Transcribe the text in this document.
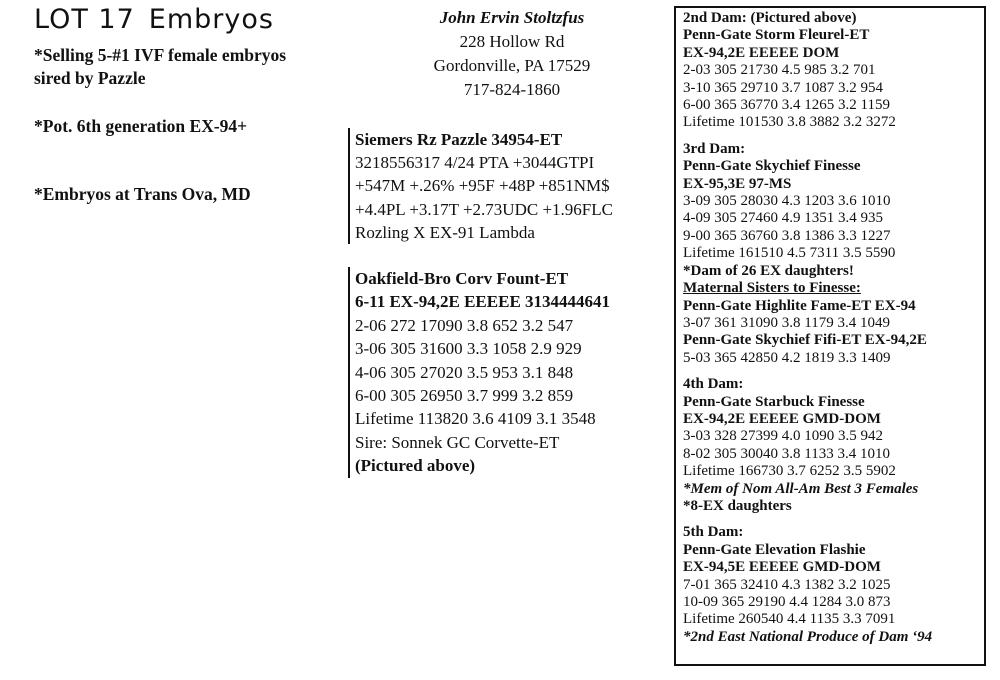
LOT 17 Embryos
*Selling 5-#1 IVF female embryos
sired by Pazzle
*Pot. 6th generation EX-94+
*Embryos at Trans Ova, MD
John Ervin Stoltzfus
228 Hollow Rd
Gordonville, PA 17529
717-824-1860
Siemers Rz Pazzle 34954-ET
3218556317 4/24 PTA +3044GTPI
+547M +.26% +95F +48P +851NM$
+4.4PL +3.17T +2.73UDC +1.96FLC
Rozling X EX-91 Lambda
Oakfield-Bro Corv Fount-ET
6-11 EX-94,2E EEEEE 3134444641
2-06 272 17090 3.8 652 3.2 547
3-06 305 31600 3.3 1058 2.9 929
4-06 305 27020 3.5 953 3.1 848
6-00 305 26950 3.7 999 3.2 859
Lifetime 113820 3.6 4109 3.1 3548
Sire: Sonnek GC Corvette-ET
(Pictured above)
2nd Dam: (Pictured above)
Penn-Gate Storm Fleurel-ET
EX-94,2E EEEEE DOM
2-03 305 21730 4.5 985 3.2 701
3-10 365 29710 3.7 1087 3.2 954
6-00 365 36770 3.4 1265 3.2 1159
Lifetime 101530 3.8 3882 3.2 3272
3rd Dam:
Penn-Gate Skychief Finesse
EX-95,3E 97-MS
3-09 305 28030 4.3 1203 3.6 1010
4-09 305 27460 4.9 1351 3.4 935
9-00 365 36760 3.8 1386 3.3 1227
Lifetime 161510 4.5 7311 3.5 5590
*Dam of 26 EX daughters!
Maternal Sisters to Finesse:
Penn-Gate Highlite Fame-ET EX-94
3-07 361 31090 3.8 1179 3.4 1049
Penn-Gate Skychief Fifi-ET EX-94,2E
5-03 365 42850 4.2 1819 3.3 1409
4th Dam:
Penn-Gate Starbuck Finesse
EX-94,2E EEEEE GMD-DOM
3-03 328 27399 4.0 1090 3.5 942
8-02 305 30040 3.8 1133 3.4 1010
Lifetime 166730 3.7 6252 3.5 5902
*Mem of Nom All-Am Best 3 Females
*8-EX daughters
5th Dam:
Penn-Gate Elevation Flashie
EX-94,5E EEEEE GMD-DOM
7-01 365 32410 4.3 1382 3.2 1025
10-09 365 29190 4.4 1284 3.0 873
Lifetime 260540 4.4 1135 3.3 7091
*2nd East National Produce of Dam ‘94
